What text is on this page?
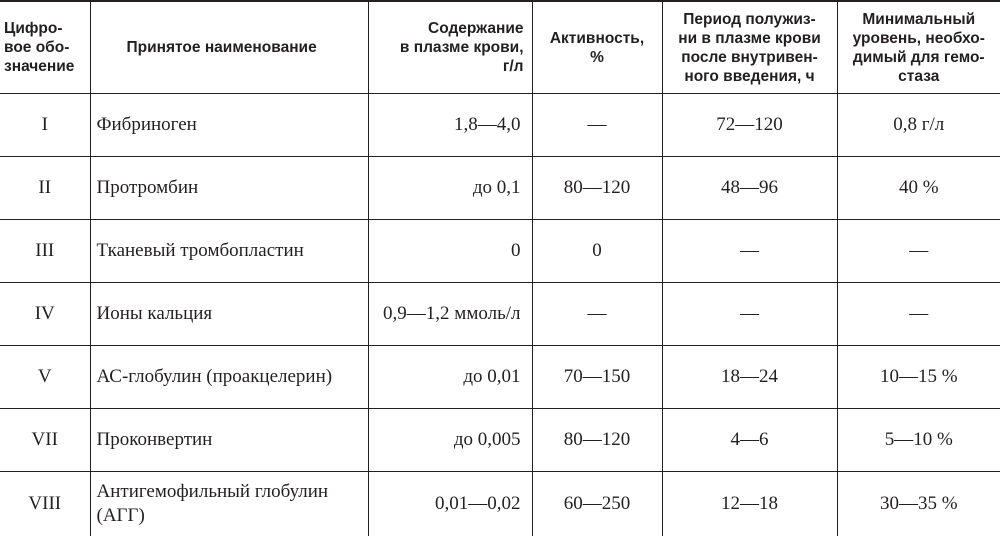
Цифро-
вое обо-
значение	Принятое наименование	Содержание
в плазме крови,
г/л	Активность,
%	Период полужиз-
ни в плазме крови
после внутривен-
ного введения, ч	Минимальный
уровень, необхо-
димый для гемо-
стаза
I	Фибриноген	1,8—4,0	—	72—120	0,8 г/л
II	Протромбин	до 0,1	80—120	48—96	40 %
III	Тканевый тромбопластин	0	0	—	—
IV	Ионы кальция	0,9—1,2 ммоль/л	—	—	—
V	АС-глобулин (проакцелерин)	до 0,01	70—150	18—24	10—15 %
VII	Проконвертин	до 0,005	80—120	4—6	5—10 %
VIII	Антигемофильный глобулин
(АГГ)	0,01—0,02	60—250	12—18	30—35 %
